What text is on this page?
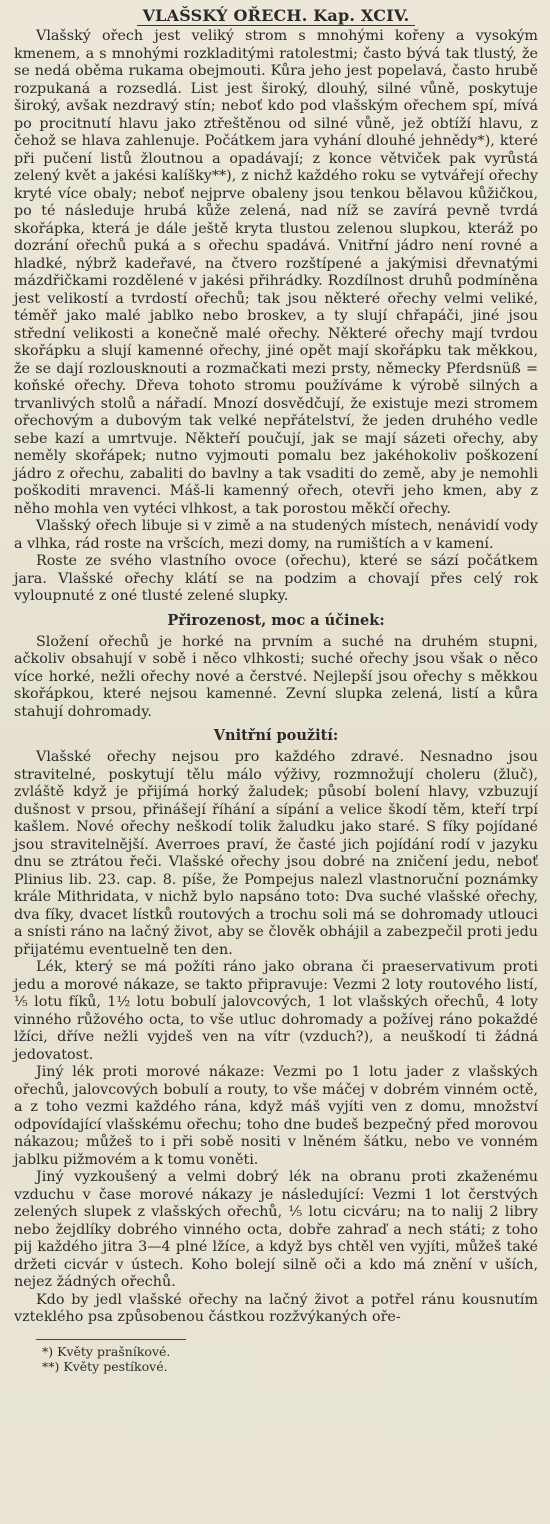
VLAŠSKÝ OŘECH. Kap. XCIV.

Vlašský ořech jest veliký strom s mnohými kořeny a vysokým kmenem, a s mnohými rozkladitými ratolestmi; často bývá tak tlustý, že se nedá oběma rukama obejmouti. Kůra jeho jest popelavá, často hrubě rozpukaná a rozsedlá. List jest široký, dlouhý, silné vůně, poskytuje široký, avšak nezdravý stín; neboť kdo pod vlašským ořechem spí, mívá po procitnutí hlavu jako ztřeštěnou od silné vůně, jež obtíží hlavu, z čehož se hlava zahlenuje. Počátkem jara vyhání dlouhé jehnědy*), které při pučení listů žloutnou a opadávají; z konce větviček pak vyrůstá zelený květ a jakési kalíšky**), z nichž každého roku se vytvářejí ořechy kryté více obaly; neboť nejprve obaleny jsou tenkou bělavou kůžičkou, po té následuje hrubá kůže zelená, nad níž se zavírá pevně tvrdá skořápka, která je dále ještě kryta tlustou zelenou slupkou, kteráž po dozrání ořechů puká a s ořechu spadává. Vnitřní jádro není rovné a hladké, nýbrž kadeřavé, na čtvero rozštípené a jakýmisi dřevnatými mázdřičkami rozdělené v jakési přihrádky. Rozdílnost druhů podmíněna jest velikostí a tvrdostí ořechů; tak jsou některé ořechy velmi veliké, téměř jako malé jablko nebo broskev, a ty slují chřapáči, jiné jsou střední velikosti a konečně malé ořechy. Některé ořechy mají tvrdou skořápku a slují kamenné ořechy, jiné opět mají skořápku tak měkkou, že se dají rozlousknouti a rozmačkati mezi prsty, německy Pferdsnüß = koňské ořechy. Dřeva tohoto stromu používáme k výrobě silných a trvanlivých stolů a nářadí. Mnozí dosvědčují, že existuje mezi stromem ořechovým a dubovým tak velké nepřátelství, že jeden druhého vedle sebe kazí a umrtvuje. Někteří poučují, jak se mají sázeti ořechy, aby neměly skořápek; nutno vyjmouti pomalu bez jakéhokoliv poškození jádro z ořechu, zabaliti do bavlny a tak vsaditi do země, aby je nemohli poškoditi mravenci. Máš-li kamenný ořech, otevři jeho kmen, aby z něho mohla ven vytéci vlhkost, a tak porostou měkčí ořechy.

Vlašský ořech libuje si v zimě a na studených místech, nenávidí vody a vlhka, rád roste na vršcích, mezi domy, na rumištích a v kamení.

Roste ze svého vlastního ovoce (ořechu), které se sází počátkem jara. Vlašské ořechy klátí se na podzim a chovají přes celý rok vyloupnuté z oné tlusté zelené slupky.

Přirozenost, moc a účinek:

Složení ořechů je horké na prvním a suché na druhém stupni, ačkoliv obsahují v sobě i něco vlhkosti; suché ořechy jsou však o něco více horké, nežli ořechy nové a čerstvé. Nejlepší jsou ořechy s měkkou skořápkou, které nejsou kamenné. Zevní slupka zelená, listí a kůra stahují dohromady.

Vnitřní použití:

Vlašské ořechy nejsou pro každého zdravé. Nesnadno jsou stravitelné, poskytují tělu málo výživy, rozmnožují choleru (žluč), zvláště když je přijímá horký žaludek; působí bolení hlavy, vzbuzují dušnost v prsou, přinášejí říhání a sípání a velice škodí těm, kteří trpí kašlem. Nové ořechy neškodí tolik žaludku jako staré. S fíky pojídané jsou stravitelnější. Averroes praví, že časté jich pojídání rodí v jazyku dnu se ztrátou řeči. Vlašské ořechy jsou dobré na zničení jedu, neboť Plinius lib. 23. cap. 8. píše, že Pompejus nalezl vlastnoruční poznámky krále Mithridata, v nichž bylo napsáno toto: Dva suché vlašské ořechy, dva fíky, dvacet lístků routových a trochu soli má se dohromady utlouci a snísti ráno na lačný život, aby se člověk obhájil a zabezpečil proti jedu přijatému eventuelně ten den.

Lék, který se má požíti ráno jako obrana či praeservativum proti jedu a morové nákaze, se takto připravuje: Vezmi 2 loty routového listí, ⅕ lotu fíků, 1½ lotu bobulí jalovcových, 1 lot vlašských ořechů, 4 loty vinného růžového octa, to vše utluc dohromady a požívej ráno pokaždé lžíci, dříve nežli vyjdeš ven na vítr (vzduch?), a neuškodí ti žádná jedovatost.

Jiný lék proti morové nákaze: Vezmi po 1 lotu jader z vlašských ořechů, jalovcových bobulí a routy, to vše máčej v dobrém vinném octě, a z toho vezmi každého rána, když máš vyjíti ven z domu, množství odpovídající vlašskému ořechu; toho dne budeš bezpečný před morovou nákazou; můžeš to i při sobě nositi v lněném šátku, nebo ve vonném jablku pižmovém a k tomu voněti.

Jiný vyzkoušený a velmi dobrý lék na obranu proti zkaženému vzduchu v čase morové nákazy je následující: Vezmi 1 lot čerstvých zelených slupek z vlašských ořechů, ⅕ lotu cicváru; na to nalij 2 libry nebo žejdlíky dobrého vinného octa, dobře zahraď a nech státi; z toho pij každého jitra 3—4 plné lžíce, a když bys chtěl ven vyjíti, můžeš také držeti cicvár v ústech. Koho bolejí silně oči a kdo má znění v uších, nejez žádných ořechů.

Kdo by jedl vlašské ořechy na lačný život a potřel ránu kousnutím vzteklého psa způsobenou částkou rozžvýkaných oře-

*) Květy prašníkové.
**) Květy pestíkové.
